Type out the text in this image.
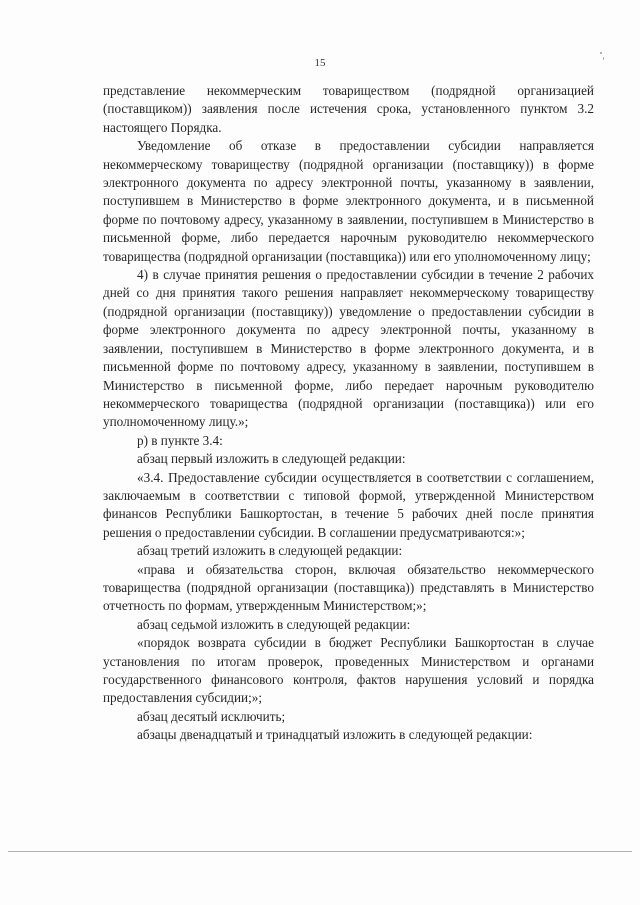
15

представление некоммерческим товариществом (подрядной организацией (поставщиком)) заявления после истечения срока, установленного пунктом 3.2 настоящего Порядка.

Уведомление об отказе в предоставлении субсидии направляется некоммерческому товариществу (подрядной организации (поставщику)) в форме электронного документа по адресу электронной почты, указанному в заявлении, поступившем в Министерство в форме электронного документа, и в письменной форме по почтовому адресу, указанному в заявлении, поступившем в Министерство в письменной форме, либо передается нарочным руководителю некоммерческого товарищества (подрядной организации (поставщика)) или его уполномоченному лицу;

4) в случае принятия решения о предоставлении субсидии в течение 2 рабочих дней со дня принятия такого решения направляет некоммерческому товариществу (подрядной организации (поставщику)) уведомление о предоставлении субсидии в форме электронного документа по адресу электронной почты, указанному в заявлении, поступившем в Министерство в форме электронного документа, и в письменной форме по почтовому адресу, указанному в заявлении, поступившем в Министерство в письменной форме, либо передает нарочным руководителю некоммерческого товарищества (подрядной организации (поставщика)) или его уполномоченному лицу.»;

р) в пункте 3.4:

абзац первый изложить в следующей редакции:

«3.4. Предоставление субсидии осуществляется в соответствии с соглашением, заключаемым в соответствии с типовой формой, утвержденной Министерством финансов Республики Башкортостан, в течение 5 рабочих дней после принятия решения о предоставлении субсидии. В соглашении предусматриваются:»;

абзац третий изложить в следующей редакции:

«права и обязательства сторон, включая обязательство некоммерческого товарищества (подрядной организации (поставщика)) представлять в Министерство отчетность по формам, утвержденным Министерством;»;

абзац седьмой изложить в следующей редакции:

«порядок возврата субсидии в бюджет Республики Башкортостан в случае установления по итогам проверок, проведенных Министерством и органами государственного финансового контроля, фактов нарушения условий и порядка предоставления субсидии;»;

абзац десятый исключить;

абзацы двенадцатый и тринадцатый изложить в следующей редакции:
